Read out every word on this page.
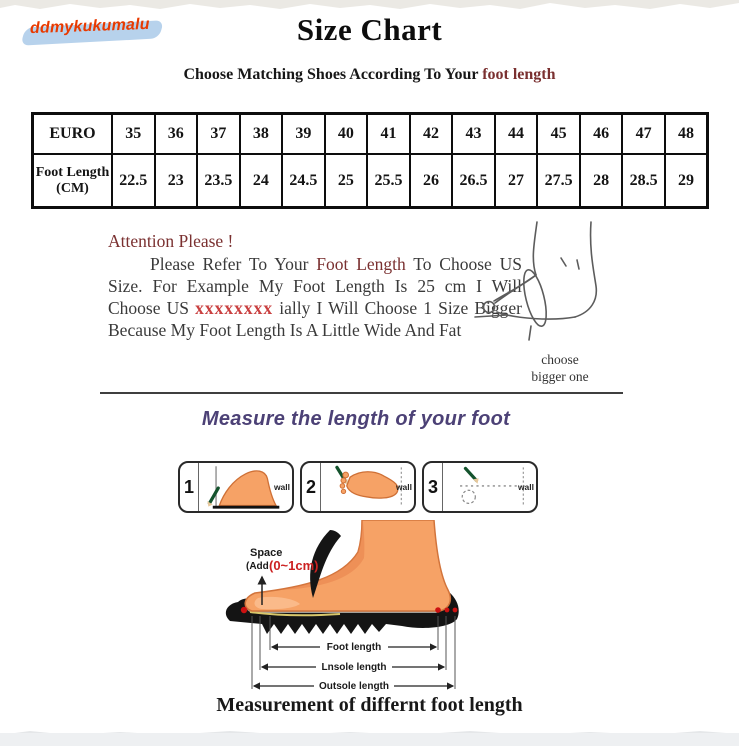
ddmykukumalu	Size Chart
Choose Matching Shoes According To Your foot length
EURO	35	36	37	38	39	40	41	42	43	44	45	46	47	48
Foot Length (CM)	22.5	23	23.5	24	24.5	25	25.5	26	26.5	27	27.5	28	28.5	29
Attention Please !

Please Refer To Your Foot Length To Choose US Size. For Example My Foot Length Is 25 cm I Will Choose US xxxxxxxx ially I Will Choose 1 Size Bigger Because My Foot Length Is A Little Wide And Fat

choose
bigger one
Measure the length of your foot
1	wall 2	wall 3	wall
Space
(Add (0~1cm)
Foot length
Lnsole length
Outsole length
Measurement of differnt foot length
